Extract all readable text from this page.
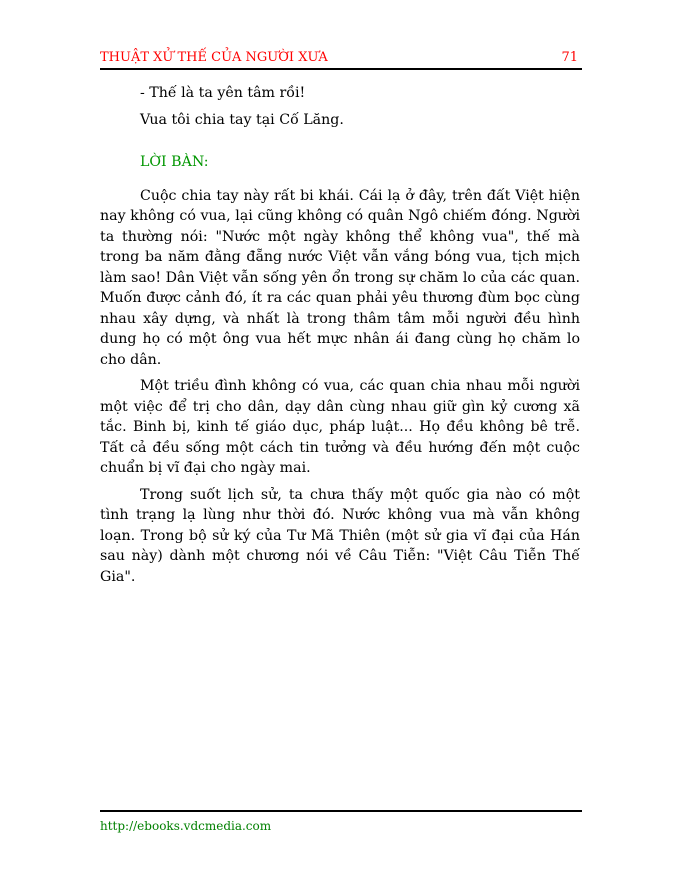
THUẬT XỬ THẾ CỦA NGƯỜI XƯA	71

- Thế là ta yên tâm rồi!

Vua tôi chia tay tại Cố Lăng.

LỜI BÀN:

Cuộc chia tay này rất bi khái. Cái lạ ở đây, trên đất Việt hiện nay không có vua, lại cũng không có quân Ngô chiếm đóng. Người ta thường nói: "Nước một ngày không thể không vua", thế mà trong ba năm đằng đẵng nước Việt vẫn vắng bóng vua, tịch mịch làm sao! Dân Việt vẫn sống yên ổn trong sự chăm lo của các quan. Muốn được cảnh đó, ít ra các quan phải yêu thương đùm bọc cùng nhau xây dựng, và nhất là trong thâm tâm mỗi người đều hình dung họ có một ông vua hết mực nhân ái đang cùng họ chăm lo cho dân.

Một triều đình không có vua, các quan chia nhau mỗi người một việc để trị cho dân, dạy dân cùng nhau giữ gìn kỷ cương xã tắc. Binh bị, kinh tế giáo dục, pháp luật... Họ đều không bê trễ. Tất cả đều sống một cách tin tưởng và đều hướng đến một cuộc chuẩn bị vĩ đại cho ngày mai.

Trong suốt lịch sử, ta chưa thấy một quốc gia nào có một tình trạng lạ lùng như thời đó. Nước không vua mà vẫn không loạn. Trong bộ sử ký của Tư Mã Thiên (một sử gia vĩ đại của Hán sau này) dành một chương nói về Câu Tiễn: "Việt Câu Tiễn Thế Gia".

http://ebooks.vdcmedia.com
